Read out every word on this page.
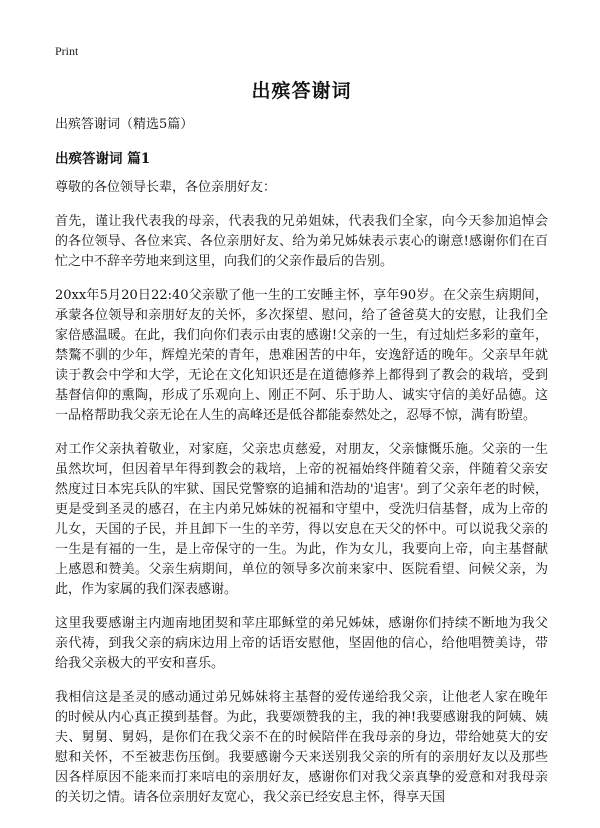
Print

出殡答谢词

出殡答谢词（精选5篇）

出殡答谢词 篇1

尊敬的各位领导长辈，各位亲朋好友：

首先，谨让我代表我的母亲，代表我的兄弟姐妹，代表我们全家，向今天参加追悼会的各位领导、各位来宾、各位亲朋好友、给为弟兄姊妹表示衷心的谢意!感谢你们在百忙之中不辞辛劳地来到这里，向我们的父亲作最后的告别。

20xx年5月20日22:40父亲歇了他一生的工安睡主怀，享年90岁。在父亲生病期间，承蒙各位领导和亲朋好友的关怀，多次探望、慰问，给了爸爸莫大的安慰，让我们全家倍感温暖。在此，我们向你们表示由衷的感谢!父亲的一生，有过灿烂多彩的童年，禁驁不驯的少年，辉煌光荣的青年，患难困苦的中年，安逸舒适的晚年。父亲早年就读于教会中学和大学，无论在文化知识还是在道德修养上都得到了教会的栽培，受到基督信仰的熏陶，形成了乐观向上、刚正不阿、乐于助人、诚实守信的美好品德。这一品格帮助我父亲无论在人生的高峰还是低谷都能泰然处之，忍辱不惊，满有盼望。

对工作父亲执着敬业，对家庭，父亲忠贞慈爱，对朋友，父亲慷慨乐施。父亲的一生虽然坎坷，但因着早年得到教会的栽培，上帝的祝福始终伴随着父亲，伴随着父亲安然度过日本宪兵队的牢狱、国民党警察的追捕和浩劫的'追害'。到了父亲年老的时候，更是受到圣灵的感召，在主内弟兄姊妹的祝福和守望中，受洗归信基督，成为上帝的儿女，天国的子民，并且卸下一生的辛劳，得以安息在天父的怀中。可以说我父亲的一生是有福的一生，是上帝保守的一生。为此，作为女儿，我要向上帝，向主基督献上感恩和赞美。父亲生病期间，单位的领导多次前来家中、医院看望、问候父亲，为此，作为家属的我们深表感谢。

这里我要感谢主内迦南地团契和苹庄耶稣堂的弟兄姊妹，感谢你们持续不断地为我父亲代祷，到我父亲的病床边用上帝的话语安慰他，坚固他的信心，给他唱赞美诗，带给我父亲极大的平安和喜乐。

我相信这是圣灵的感动通过弟兄姊妹将主基督的爱传递给我父亲，让他老人家在晚年的时候从内心真正摸到基督。为此，我要颂赞我的主，我的神!我要感谢我的阿姨、姨夫、舅舅、舅妈，是你们在我父亲不在的时候陪伴在我母亲的身边，带给她莫大的安慰和关怀，不至被悲伤压倒。我要感谢今天来送别我父亲的所有的亲朋好友以及那些因各样原因不能来而打来唁电的亲朋好友，感谢你们对我父亲真挚的爱意和对我母亲的关切之情。请各位亲朋好友宽心，我父亲已经安息主怀，得享天国
